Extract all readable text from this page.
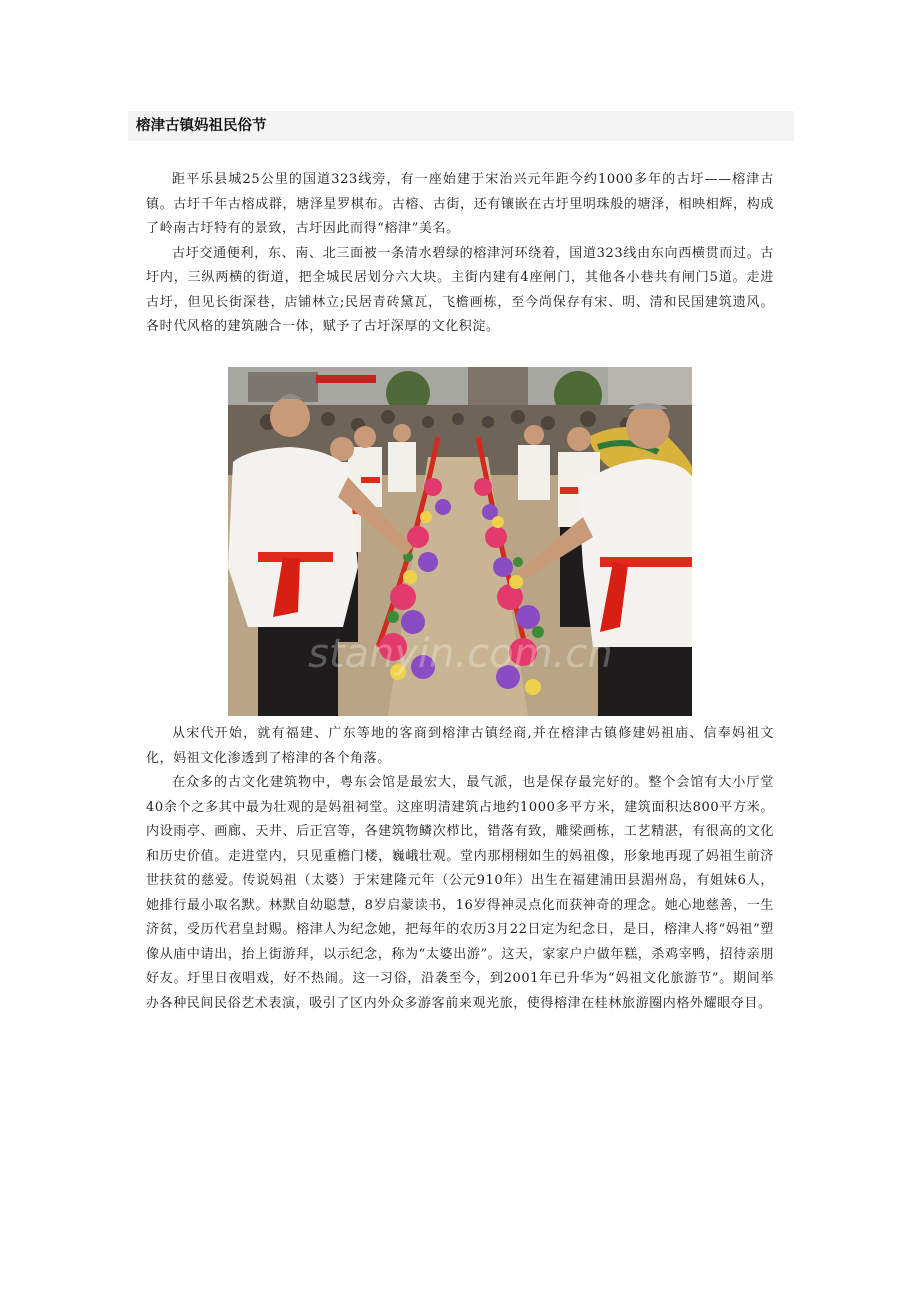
榕津古镇妈祖民俗节

距平乐县城25公里的国道323线旁，有一座始建于宋治兴元年距今约1000多年的古圩——榕津古镇。古圩千年古榕成群，塘泽星罗棋布。古榕、古街，还有镶嵌在古圩里明珠般的塘泽，相映相辉，构成了岭南古圩特有的景致，古圩因此而得“榕津”美名。

古圩交通便利，东、南、北三面被一条清水碧绿的榕津河环绕着，国道323线由东向西横贯而过。古圩内，三纵两横的街道，把全城民居划分六大块。主街内建有4座闸门，其他各小巷共有闸门5道。走进古圩，但见长街深巷，店铺林立;民居青砖黛瓦，飞檐画栋，至今尚保存有宋、明、清和民国建筑遗风。各时代风格的建筑融合一体，赋予了古圩深厚的文化积淀。

stanyin.com.cn

从宋代开始，就有福建、广东等地的客商到榕津古镇经商,并在榕津古镇修建妈祖庙、信奉妈祖文化，妈祖文化渗透到了榕津的各个角落。

在众多的古文化建筑物中，粤东会馆是最宏大，最气派，也是保存最完好的。整个会馆有大小厅堂40余个之多其中最为壮观的是妈祖祠堂。这座明清建筑占地约1000多平方米，建筑面积达800平方米。内设雨亭、画廊、天井、后正宫等，各建筑物鳞次栉比，错落有致，雕梁画栋，工艺精湛，有很高的文化和历史价值。走进堂内，只见重檐门楼，巍峨壮观。堂内那栩栩如生的妈祖像，形象地再现了妈祖生前济世扶贫的慈爱。传说妈祖（太婆）于宋建隆元年（公元910年）出生在福建浦田县湄州岛，有姐妹6人，她排行最小取名默。林默自幼聪慧，8岁启蒙读书，16岁得神灵点化而获神奇的理念。她心地慈善，一生济贫，受历代君皇封赐。榕津人为纪念她，把每年的农历3月22日定为纪念日，是日，榕津人将“妈祖”塑像从庙中请出，抬上街游拜，以示纪念，称为“太婆出游”。这天，家家户户做年糕，杀鸡宰鸭，招待亲朋好友。圩里日夜唱戏，好不热闹。这一习俗，沿袭至今，到2001年已升华为“妈祖文化旅游节”。期间举办各种民间民俗艺术表演，吸引了区内外众多游客前来观光旅，使得榕津在桂林旅游圈内格外耀眼夺目。
